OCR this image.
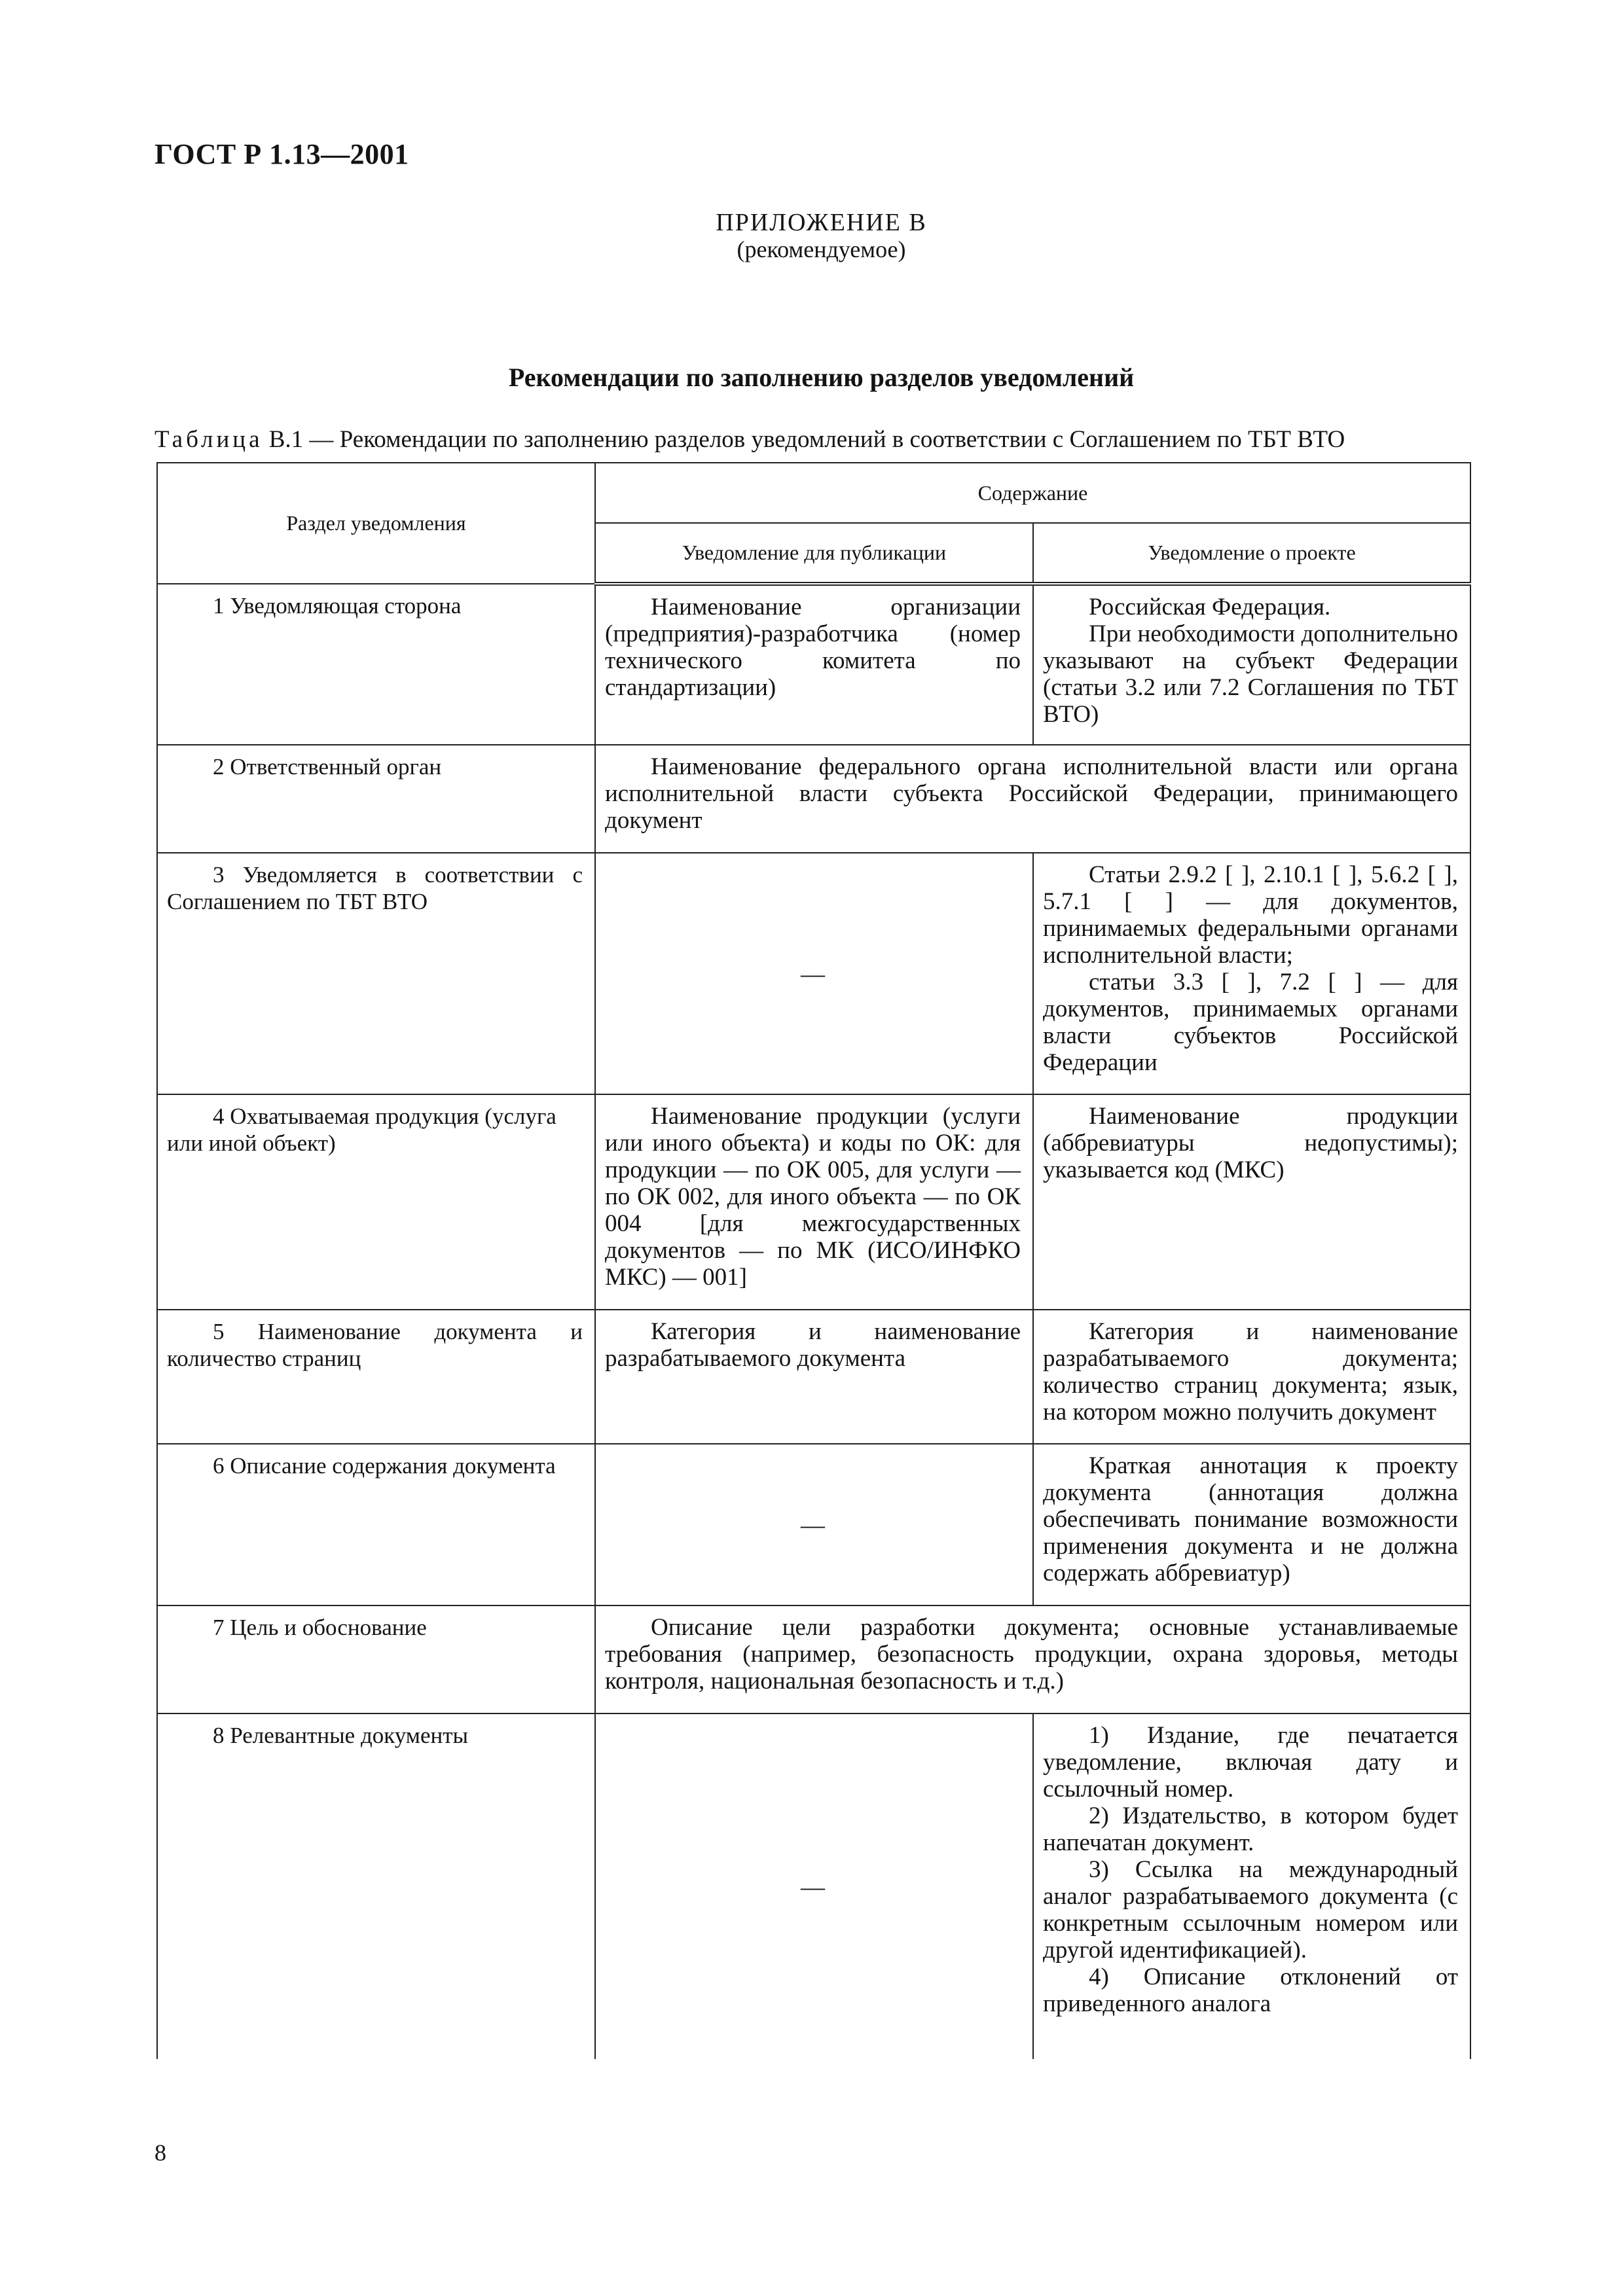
ГОСТ Р 1.13—2001
ПРИЛОЖЕНИЕ В
(рекомендуемое)
Рекомендации по заполнению разделов уведомлений
Таблица В.1 — Рекомендации по заполнению разделов уведомлений в соответствии с Соглашением по ТБТ ВТО
Раздел уведомления	Содержание	
	Уведомление для публикации	Уведомление о проекте

1 Уведомляющая сторона	Наименование организации (предприятия)-разработчика (номер технического комитета по стандартизации)	Российская Федерация.
При необходимости дополнительно указывают на субъект Федерации (статьи 3.2 или 7.2 Соглашения по ТБТ ВТО)

2 Ответственный орган	Наименование федерального органа исполнительной власти или органа исполнительной власти субъекта Российской Федерации, принимающего документ	

3 Уведомляется в соответствии с Соглашением по ТБТ ВТО	—	Статьи 2.9.2 [ ], 2.10.1 [ ], 5.6.2 [ ], 5.7.1 [ ] — для документов, принимаемых федеральными органами исполнительной власти;
статьи 3.3 [ ], 7.2 [ ] — для документов, принимаемых органами власти субъектов Российской Федерации

4 Охватываемая продукция (услуга или иной объект)	Наименование продукции (услуги или иного объекта) и коды по ОК: для продукции — по ОК 005, для услуги — по ОК 002, для иного объекта — по ОК 004 [для межгосударственных документов — по МК (ИСО/ИНФКО МКС) — 001]	Наименование продукции (аббревиатуры недопустимы); указывается код (МКС)

5 Наименование документа и количество страниц	Категория и наименование разрабатываемого документа	Категория и наименование разрабатываемого документа; количество страниц документа; язык, на котором можно получить документ

6 Описание содержания документа	—	Краткая аннотация к проекту документа (аннотация должна обеспечивать понимание возможности применения документа и не должна содержать аббревиатур)

7 Цель и обоснование	Описание цели разработки документа; основные устанавливаемые требования (например, безопасность продукции, охрана здоровья, методы контроля, национальная безопасность и т.д.)	

8 Релевантные документы	—	1) Издание, где печатается уведомление, включая дату и ссылочный номер.
2) Издательство, в котором будет напечатан документ.
3) Ссылка на международный аналог разрабатываемого документа (с конкретным ссылочным номером или другой идентификацией).
4) Описание отклонений от приведенного аналога
8
